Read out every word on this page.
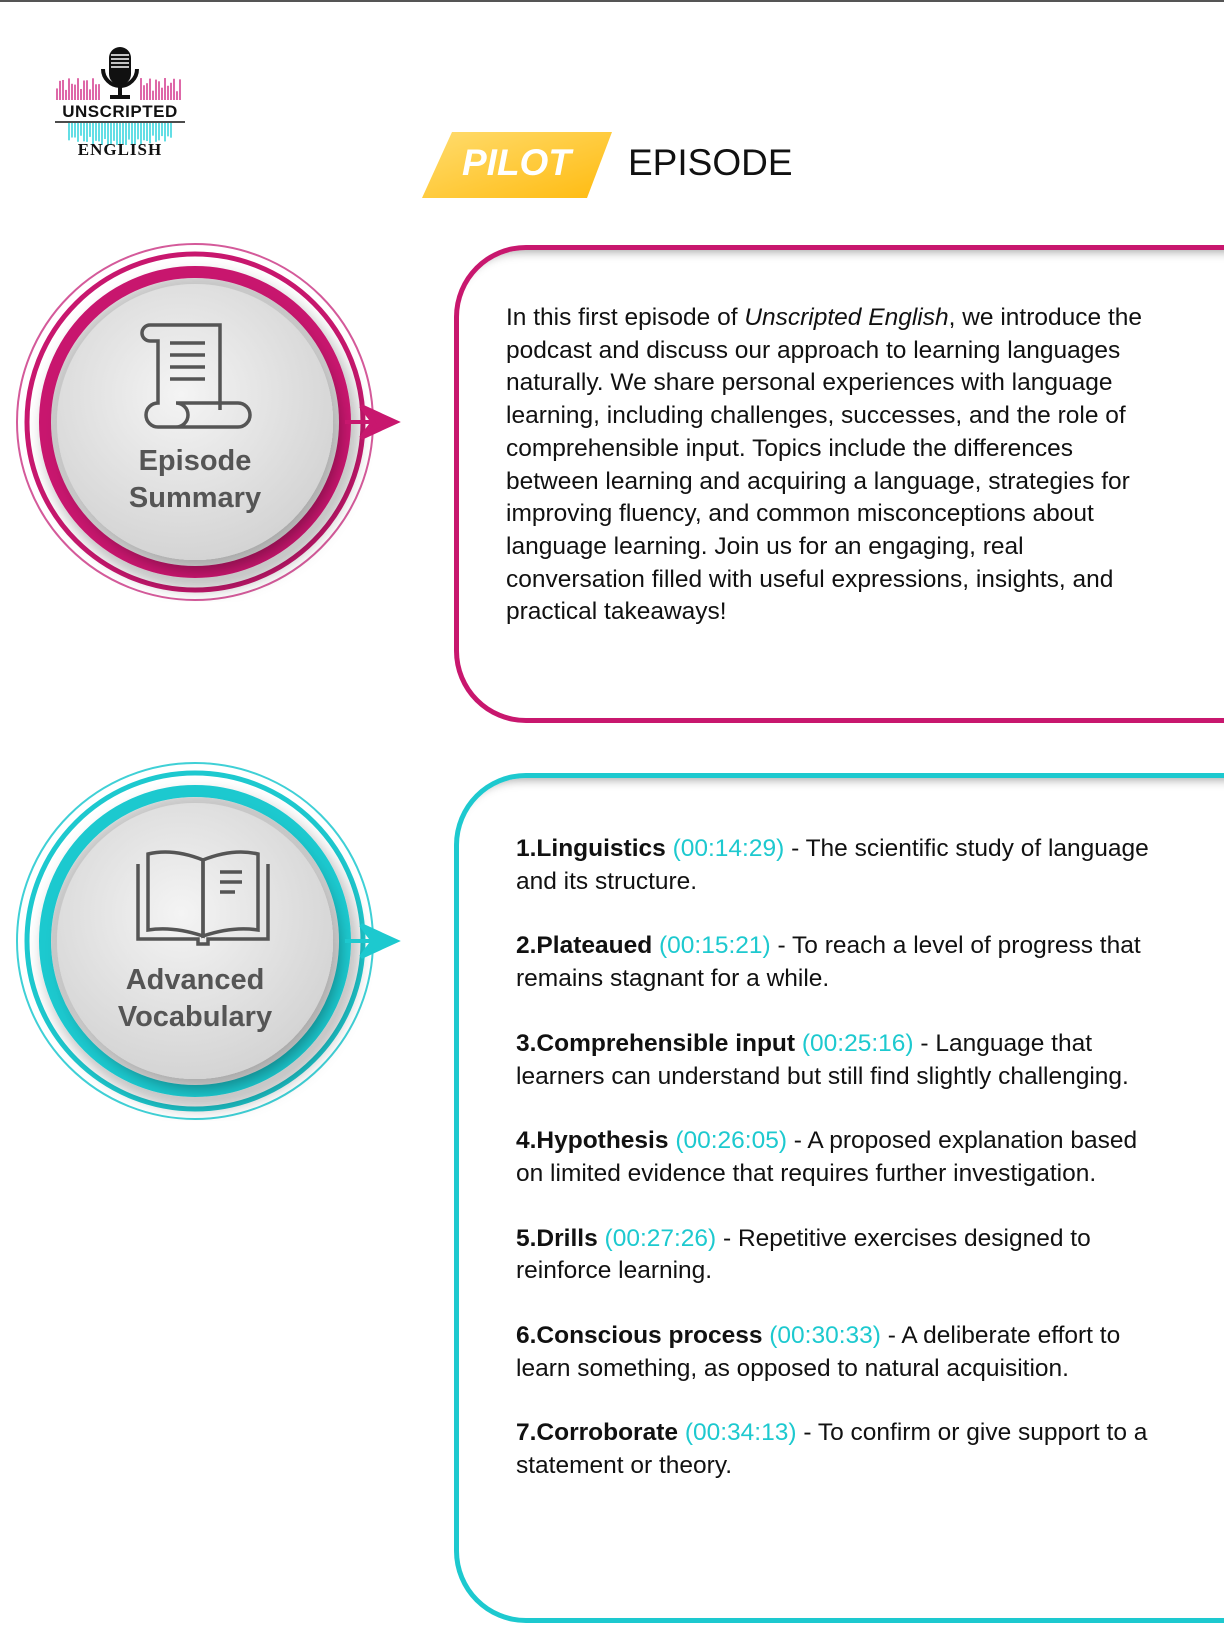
UNSCRIPTED
ENGLISH	PILOT EPISODE
Episode
Summary
In this first episode of Unscripted English, we introduce the podcast and discuss our approach to learning languages naturally. We share personal experiences with language learning, including challenges, successes, and the role of comprehensible input. Topics include the differences between learning and acquiring a language, strategies for improving fluency, and common misconceptions about language learning. Join us for an engaging, real conversation filled with useful expressions, insights, and practical takeaways!
Advanced
Vocabulary
1.Linguistics (00:14:29) - The scientific study of language and its structure.
2.Plateaued (00:15:21) - To reach a level of progress that remains stagnant for a while.
3.Comprehensible input (00:25:16) - Language that learners can understand but still find slightly challenging.
4.Hypothesis (00:26:05) - A proposed explanation based on limited evidence that requires further investigation.
5.Drills (00:27:26) - Repetitive exercises designed to reinforce learning.
6.Conscious process (00:30:33) - A deliberate effort to learn something, as opposed to natural acquisition.
7.Corroborate (00:34:13) - To confirm or give support to a statement or theory.
